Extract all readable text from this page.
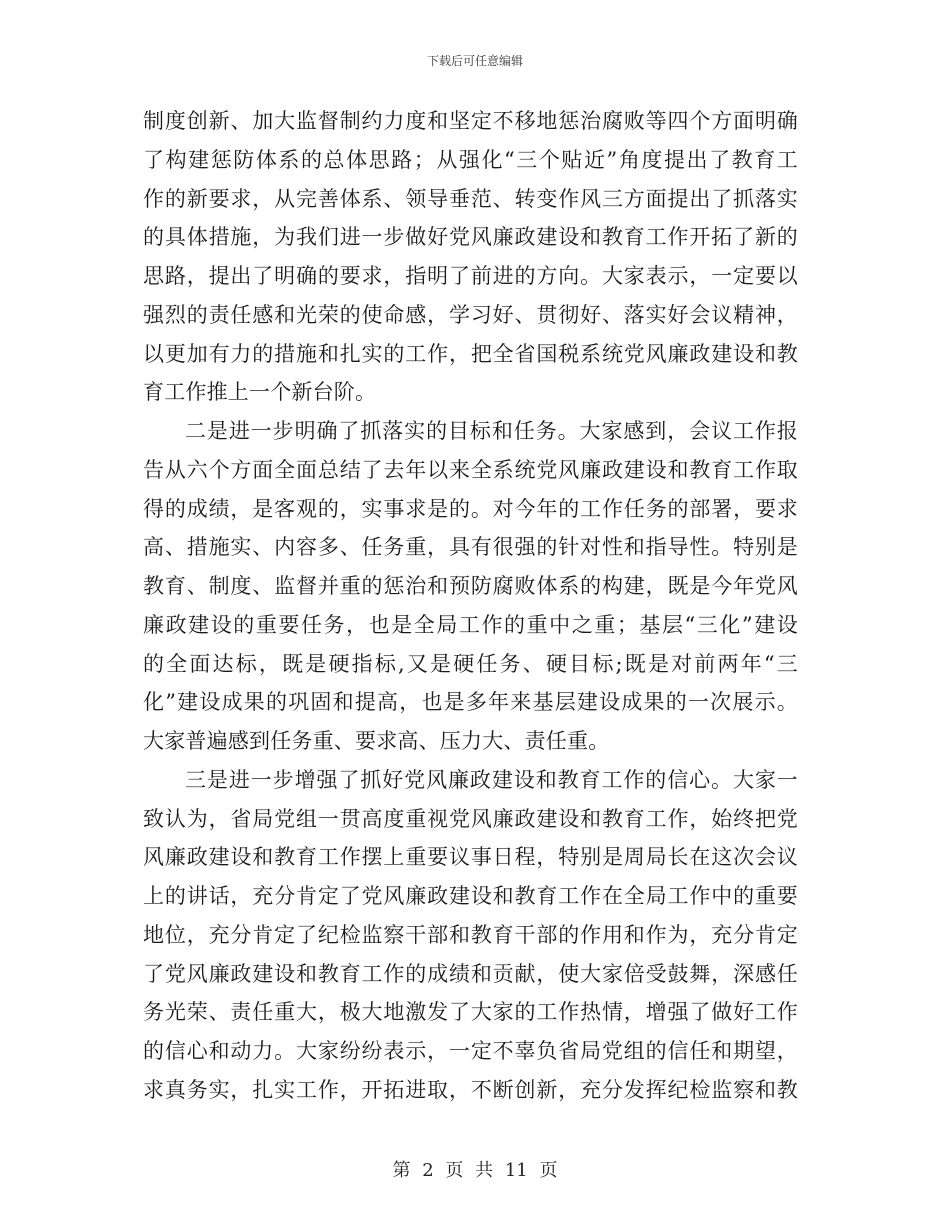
下载后可任意编辑
制度创新、加大监督制约力度和坚定不移地惩治腐败等四个方面明确
了构建惩防体系的总体思路；从强化“三个贴近”角度提出了教育工
作的新要求，从完善体系、领导垂范、转变作风三方面提出了抓落实
的具体措施，为我们进一步做好党风廉政建设和教育工作开拓了新的
思路，提出了明确的要求，指明了前进的方向。大家表示，一定要以
强烈的责任感和光荣的使命感，学习好、贯彻好、落实好会议精神，
以更加有力的措施和扎实的工作，把全省国税系统党风廉政建设和教
育工作推上一个新台阶。
二是进一步明确了抓落实的目标和任务。大家感到，会议工作报
告从六个方面全面总结了去年以来全系统党风廉政建设和教育工作取
得的成绩，是客观的，实事求是的。对今年的工作任务的部署，要求
高、措施实、内容多、任务重，具有很强的针对性和指导性。特别是
教育、制度、监督并重的惩治和预防腐败体系的构建，既是今年党风
廉政建设的重要任务，也是全局工作的重中之重；基层“三化”建设
的全面达标，既是硬指标,又是硬任务、硬目标;既是对前两年“三
化”建设成果的巩固和提高，也是多年来基层建设成果的一次展示。
大家普遍感到任务重、要求高、压力大、责任重。
三是进一步增强了抓好党风廉政建设和教育工作的信心。大家一
致认为，省局党组一贯高度重视党风廉政建设和教育工作，始终把党
风廉政建设和教育工作摆上重要议事日程，特别是周局长在这次会议
上的讲话，充分肯定了党风廉政建设和教育工作在全局工作中的重要
地位，充分肯定了纪检监察干部和教育干部的作用和作为，充分肯定
了党风廉政建设和教育工作的成绩和贡献，使大家倍受鼓舞，深感任
务光荣、责任重大，极大地激发了大家的工作热情，增强了做好工作
的信心和动力。大家纷纷表示，一定不辜负省局党组的信任和期望，
求真务实，扎实工作，开拓进取，不断创新，充分发挥纪检监察和教
第 2 页 共 11 页
